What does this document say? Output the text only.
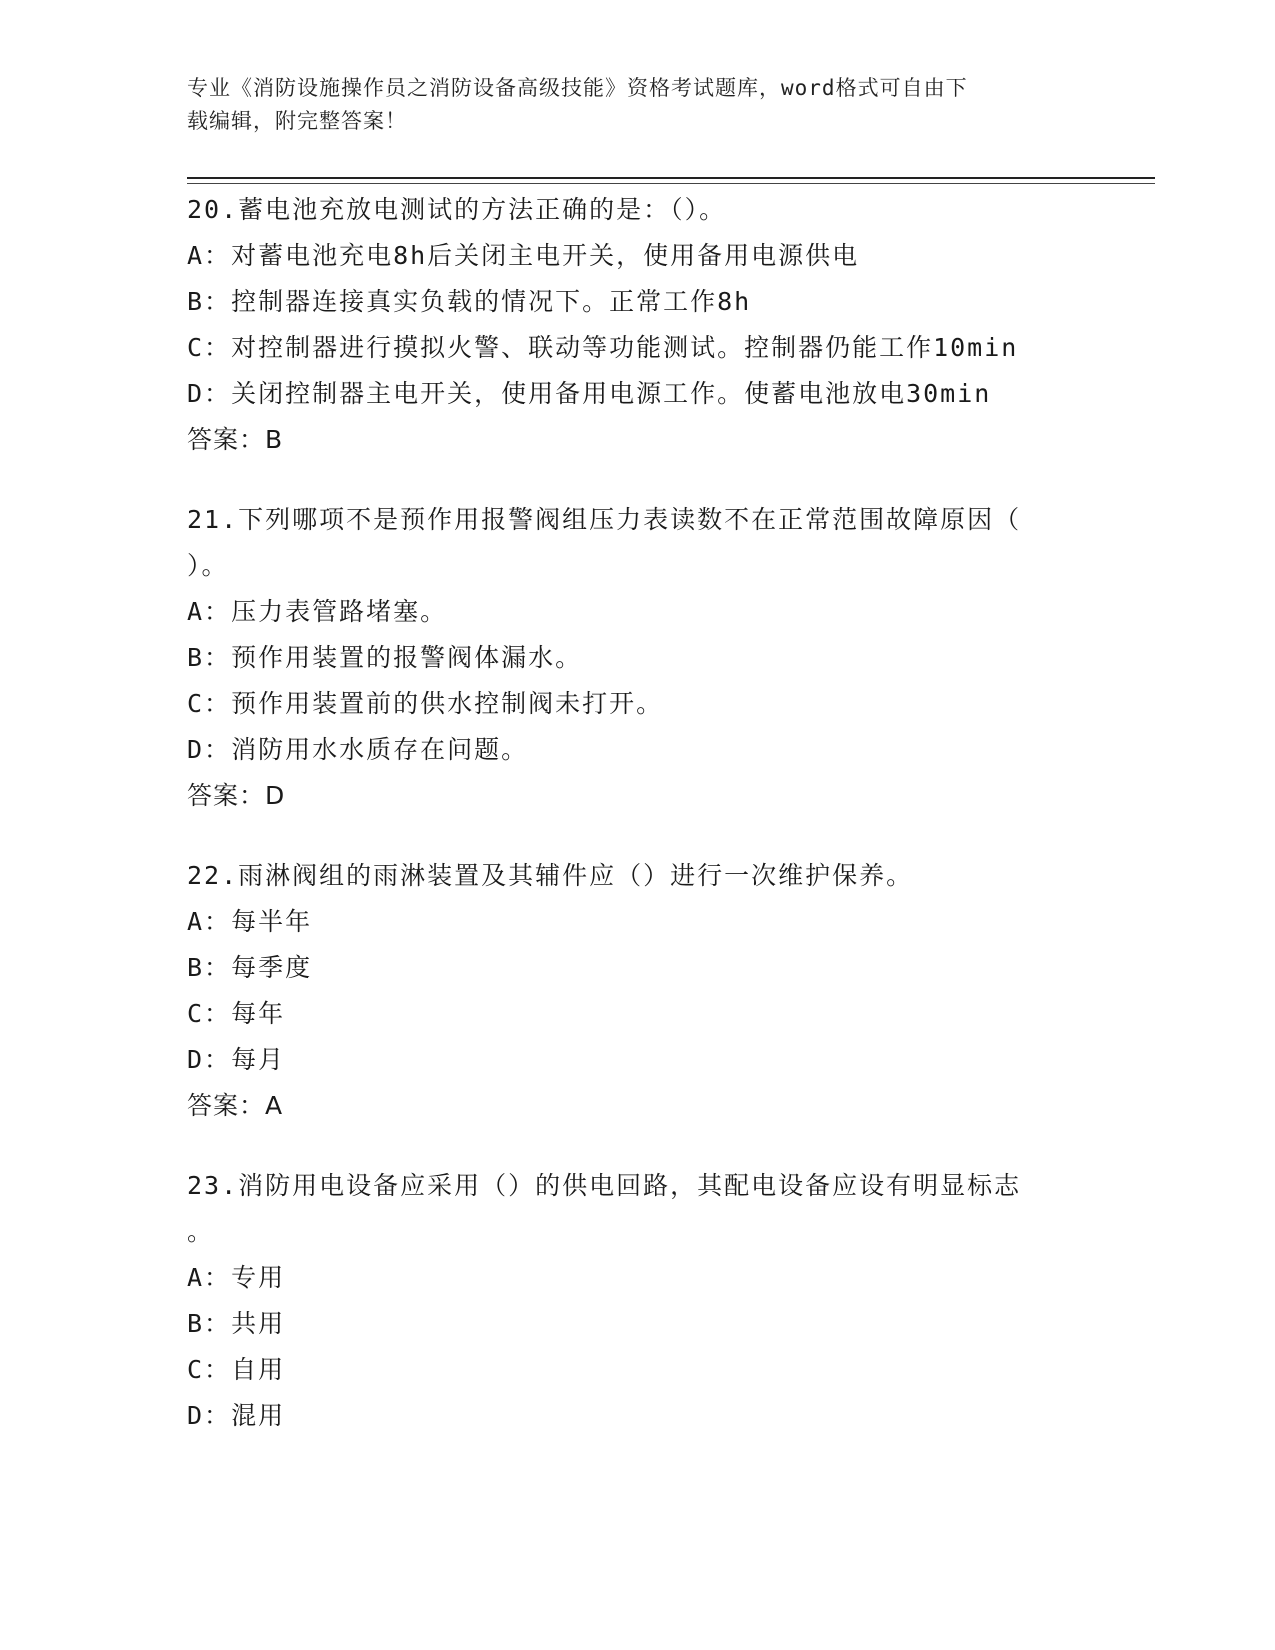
专业《消防设施操作员之消防设备高级技能》资格考试题库，word格式可自由下
载编辑，附完整答案！
20.蓄电池充放电测试的方法正确的是：（）。
A：对蓄电池充电8h后关闭主电开关，使用备用电源供电
B：控制器连接真实负载的情况下。正常工作8h
C：对控制器进行摸拟火警、联动等功能测试。控制器仍能工作10min
D：关闭控制器主电开关，使用备用电源工作。使蓄电池放电30min
答案：B
21.下列哪项不是预作用报警阀组压力表读数不在正常范围故障原因（
）。
A：压力表管路堵塞。
B：预作用装置的报警阀体漏水。
C：预作用装置前的供水控制阀未打开。
D：消防用水水质存在问题。
答案：D
22.雨淋阀组的雨淋装置及其辅件应（）进行一次维护保养。
A：每半年
B：每季度
C：每年
D：每月
答案：A
23.消防用电设备应采用（）的供电回路，其配电设备应设有明显标志
。
A：专用
B：共用
C：自用
D：混用
